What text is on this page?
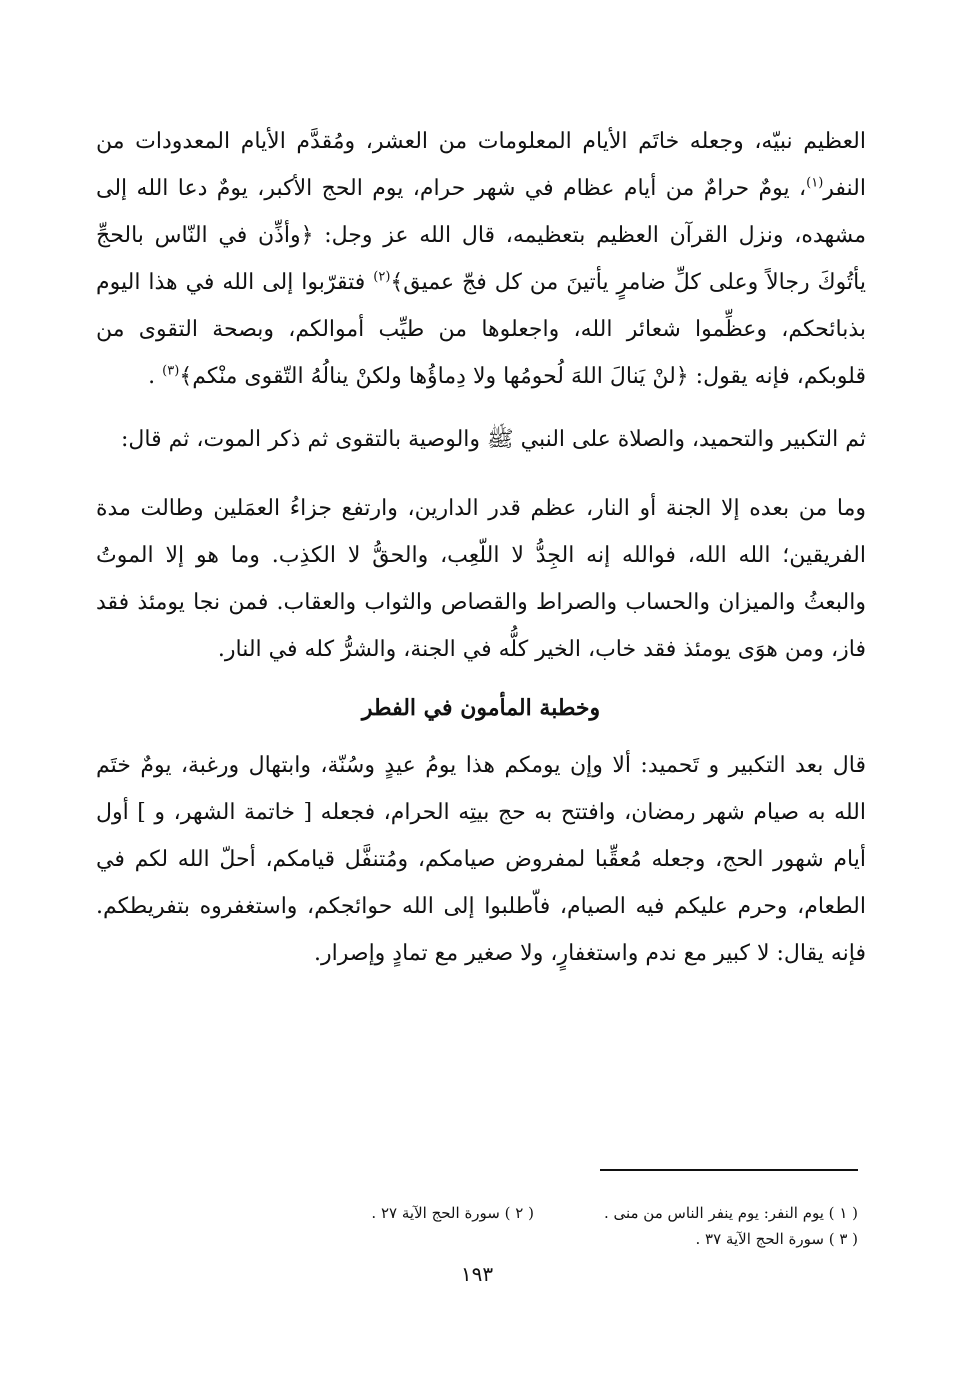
العظيم نبيّه، وجعله خاتَم الأيام المعلومات من العشر، ومُقدَّم الأيام المعدودات من النفر$^{(١)}$، يومٌ حرامٌ من أيام عظام في شهر حرام، يوم الحج الأكبر، يومٌ دعا الله إلى مشهده، ونزل القرآن العظيم بتعظيمه، قال الله عز وجل: ﴿وأذِّن في النّاس بالحجِّ يأتُوكَ رجالاً وعلى كلِّ ضامرٍ يأتينَ من كل فجّ عميق﴾$^{(٢)}$ فتقرّبوا إلى الله في هذا اليوم بذبائحكم، وعظِّموا شعائر الله، واجعلوها من طيِّب أموالكم، وبصحة التقوى من قلوبكم، فإنه يقول: ﴿لنْ يَنالَ اللهَ لُحومُها ولا دِماؤُها ولكنْ ينالُهُ التّقوى منْكم﴾$^{(٣)}$ .

ثم التكبير والتحميد، والصلاة على النبي ﷺ والوصية بالتقوى ثم ذكر الموت، ثم قال:

وما من بعده إلا الجنة أو النار، عظم قدر الدارين، وارتفع جزاءُ العمَلين وطالت مدة الفريقين؛ الله الله، فوالله إنه الجِدُّ لا اللّعِب، والحقُّ لا الكذِب. وما هو إلا الموتُ والبعثُ والميزان والحساب والصراط والقصاص والثواب والعقاب. فمن نجا يومئذ فقد فاز، ومن هوَى يومئذ فقد خاب، الخير كلُّه في الجنة، والشرُّ كله في النار.

وخطبة المأمون في الفطر

قال بعد التكبير و تَحميد: ألا وإن يومكم هذا يومُ عيدٍ وسُنّة، وابتهال ورغبة، يومٌ ختَم الله به صيام شهر رمضان، وافتتح به حج بيتِه الحرام، فجعله [ خاتمة الشهر، و ] أول أيام شهور الحج، وجعله مُعقِّبا لمفروض صيامكم، ومُتنفَّل قيامكم، أحلّ الله لكم في الطعام، وحرم عليكم فيه الصيام، فاّطلبوا إلى الله حوائجكم، واستغفروه بتفريطكم. فإنه يقال: لا كبير مع ندم واستغفارٍ، ولا صغير مع تمادٍ وإصرار.

( ١ ) يوم النفر: يوم ينفر الناس من منى .
( ٢ ) سورة الحج الآية ٢٧ .
( ٣ ) سورة الحج الآية ٣٧ .
١٩٣
